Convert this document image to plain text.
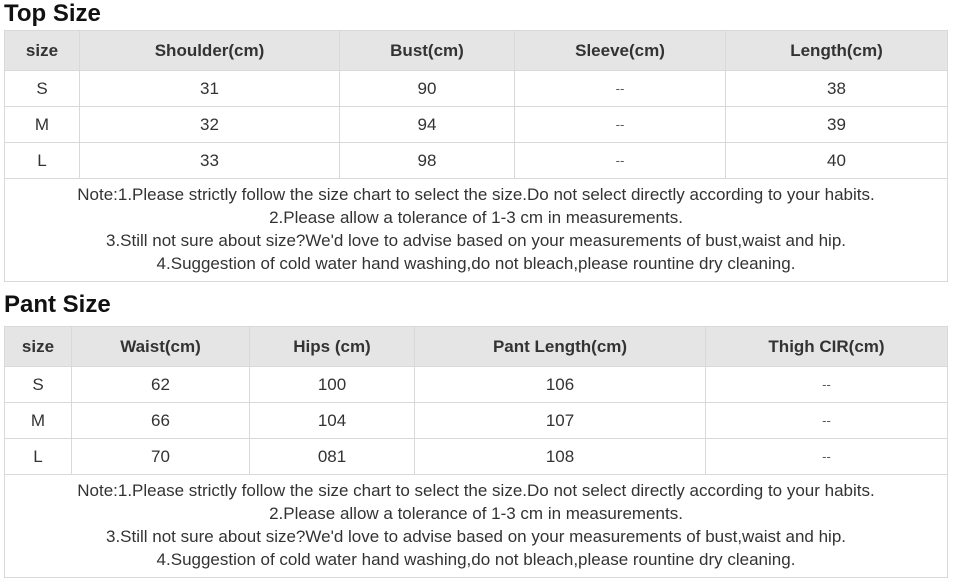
Top Size
size	Shoulder(cm)	Bust(cm)	Sleeve(cm)	Length(cm)
S	31	90	--	38
M	32	94	--	39
L	33	98	--	40

Note:1.Please strictly follow the size chart to select the size.Do not select directly according to your habits.
2.Please allow a tolerance of 1-3 cm in measurements.
3.Still not sure about size?We'd love to advise based on your measurements of bust,waist and hip.
4.Suggestion of cold water hand washing,do not bleach,please rountine dry cleaning.				
Pant Size
size	Waist(cm)	Hips (cm)	Pant Length(cm)	Thigh CIR(cm)
S	62	100	106	--
M	66	104	107	--
L	70	081	108	--

Note:1.Please strictly follow the size chart to select the size.Do not select directly according to your habits.
2.Please allow a tolerance of 1-3 cm in measurements.
3.Still not sure about size?We'd love to advise based on your measurements of bust,waist and hip.
4.Suggestion of cold water hand washing,do not bleach,please rountine dry cleaning.				
